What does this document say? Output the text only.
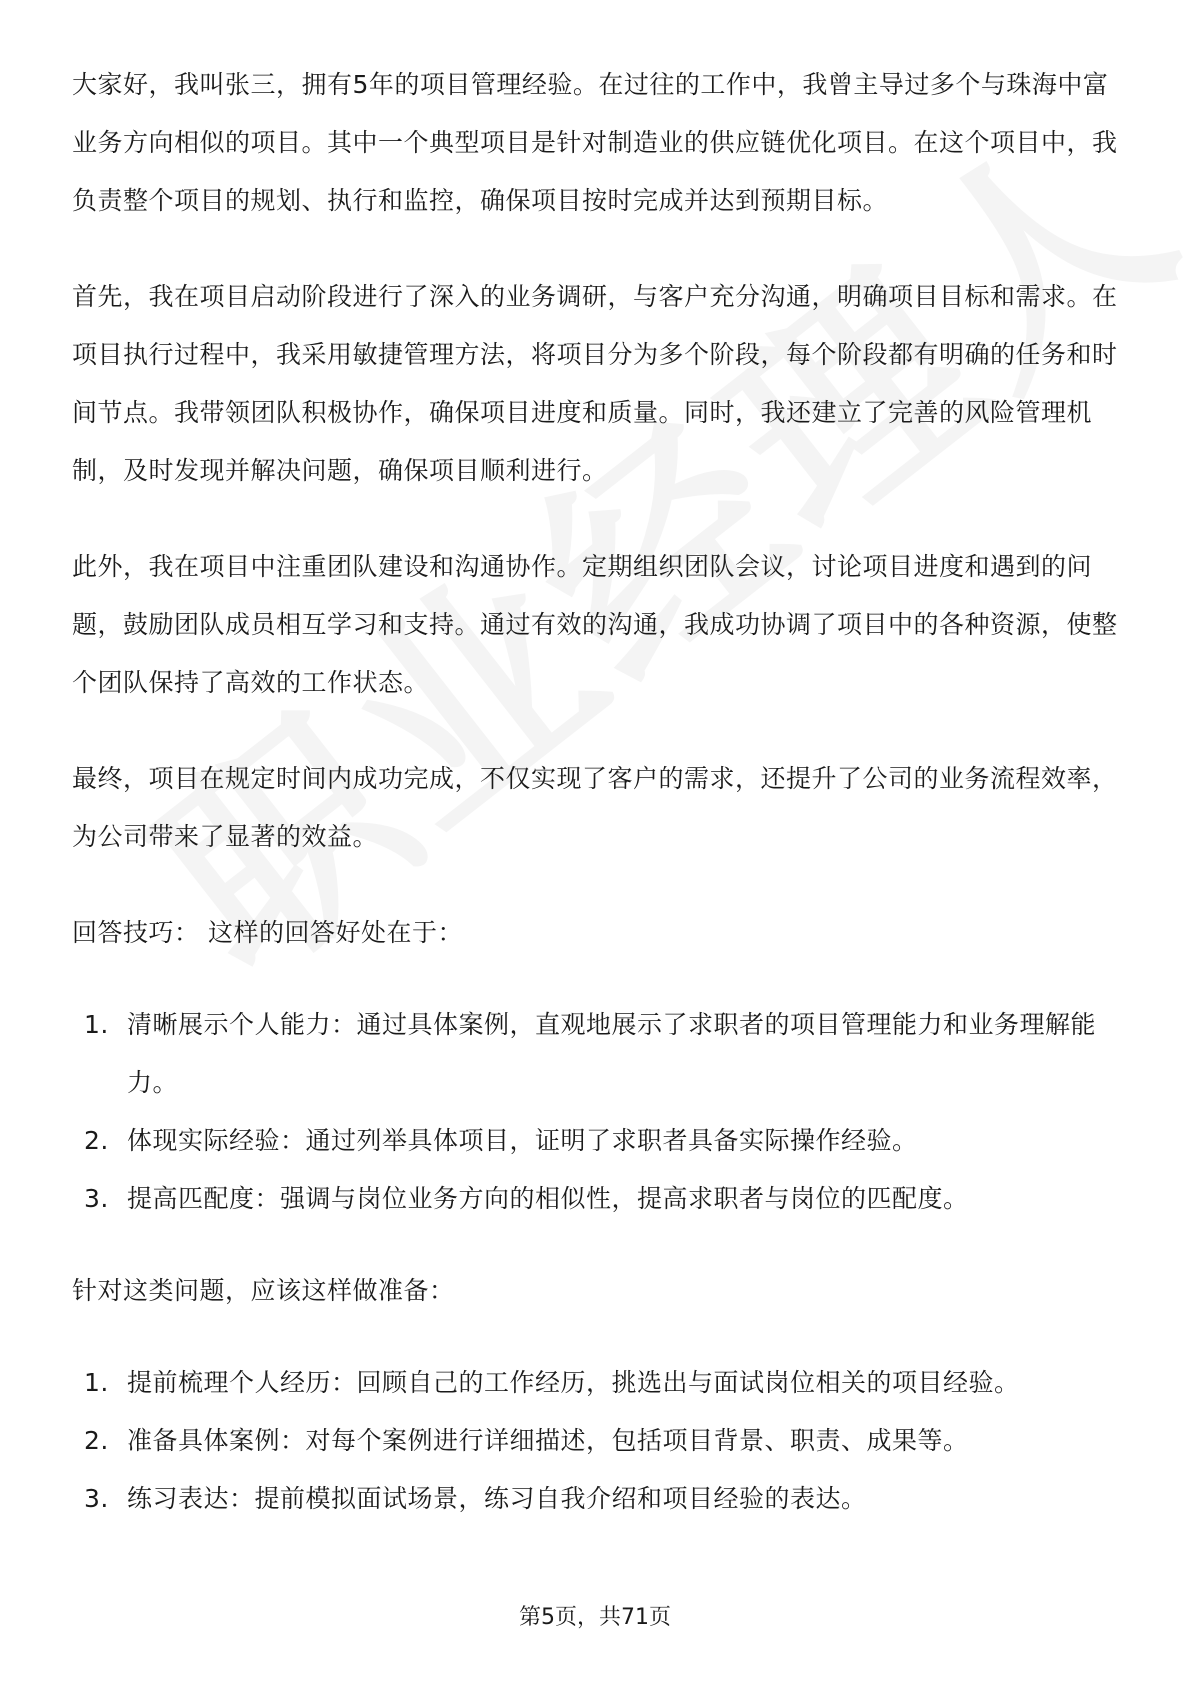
大家好，我叫张三，拥有5年的项目管理经验。在过往的工作中，我曾主导过多个与珠海中富业务方向相似的项目。其中一个典型项目是针对制造业的供应链优化项目。在这个项目中，我负责整个项目的规划、执行和监控，确保项目按时完成并达到预期目标。

首先，我在项目启动阶段进行了深入的业务调研，与客户充分沟通，明确项目目标和需求。在项目执行过程中，我采用敏捷管理方法，将项目分为多个阶段，每个阶段都有明确的任务和时间节点。我带领团队积极协作，确保项目进度和质量。同时，我还建立了完善的风险管理机制，及时发现并解决问题，确保项目顺利进行。

此外，我在项目中注重团队建设和沟通协作。定期组织团队会议，讨论项目进度和遇到的问题，鼓励团队成员相互学习和支持。通过有效的沟通，我成功协调了项目中的各种资源，使整个团队保持了高效的工作状态。

最终，项目在规定时间内成功完成，不仅实现了客户的需求，还提升了公司的业务流程效率，为公司带来了显著的效益。

回答技巧： 这样的回答好处在于：

1. 清晰展示个人能力：通过具体案例，直观地展示了求职者的项目管理能力和业务理解能力。
2. 体现实际经验：通过列举具体项目，证明了求职者具备实际操作经验。
3. 提高匹配度：强调与岗位业务方向的相似性，提高求职者与岗位的匹配度。

针对这类问题，应该这样做准备：

1. 提前梳理个人经历：回顾自己的工作经历，挑选出与面试岗位相关的项目经验。
2. 准备具体案例：对每个案例进行详细描述，包括项目背景、职责、成果等。
3. 练习表达：提前模拟面试场景，练习自我介绍和项目经验的表达。
第5页，共71页
